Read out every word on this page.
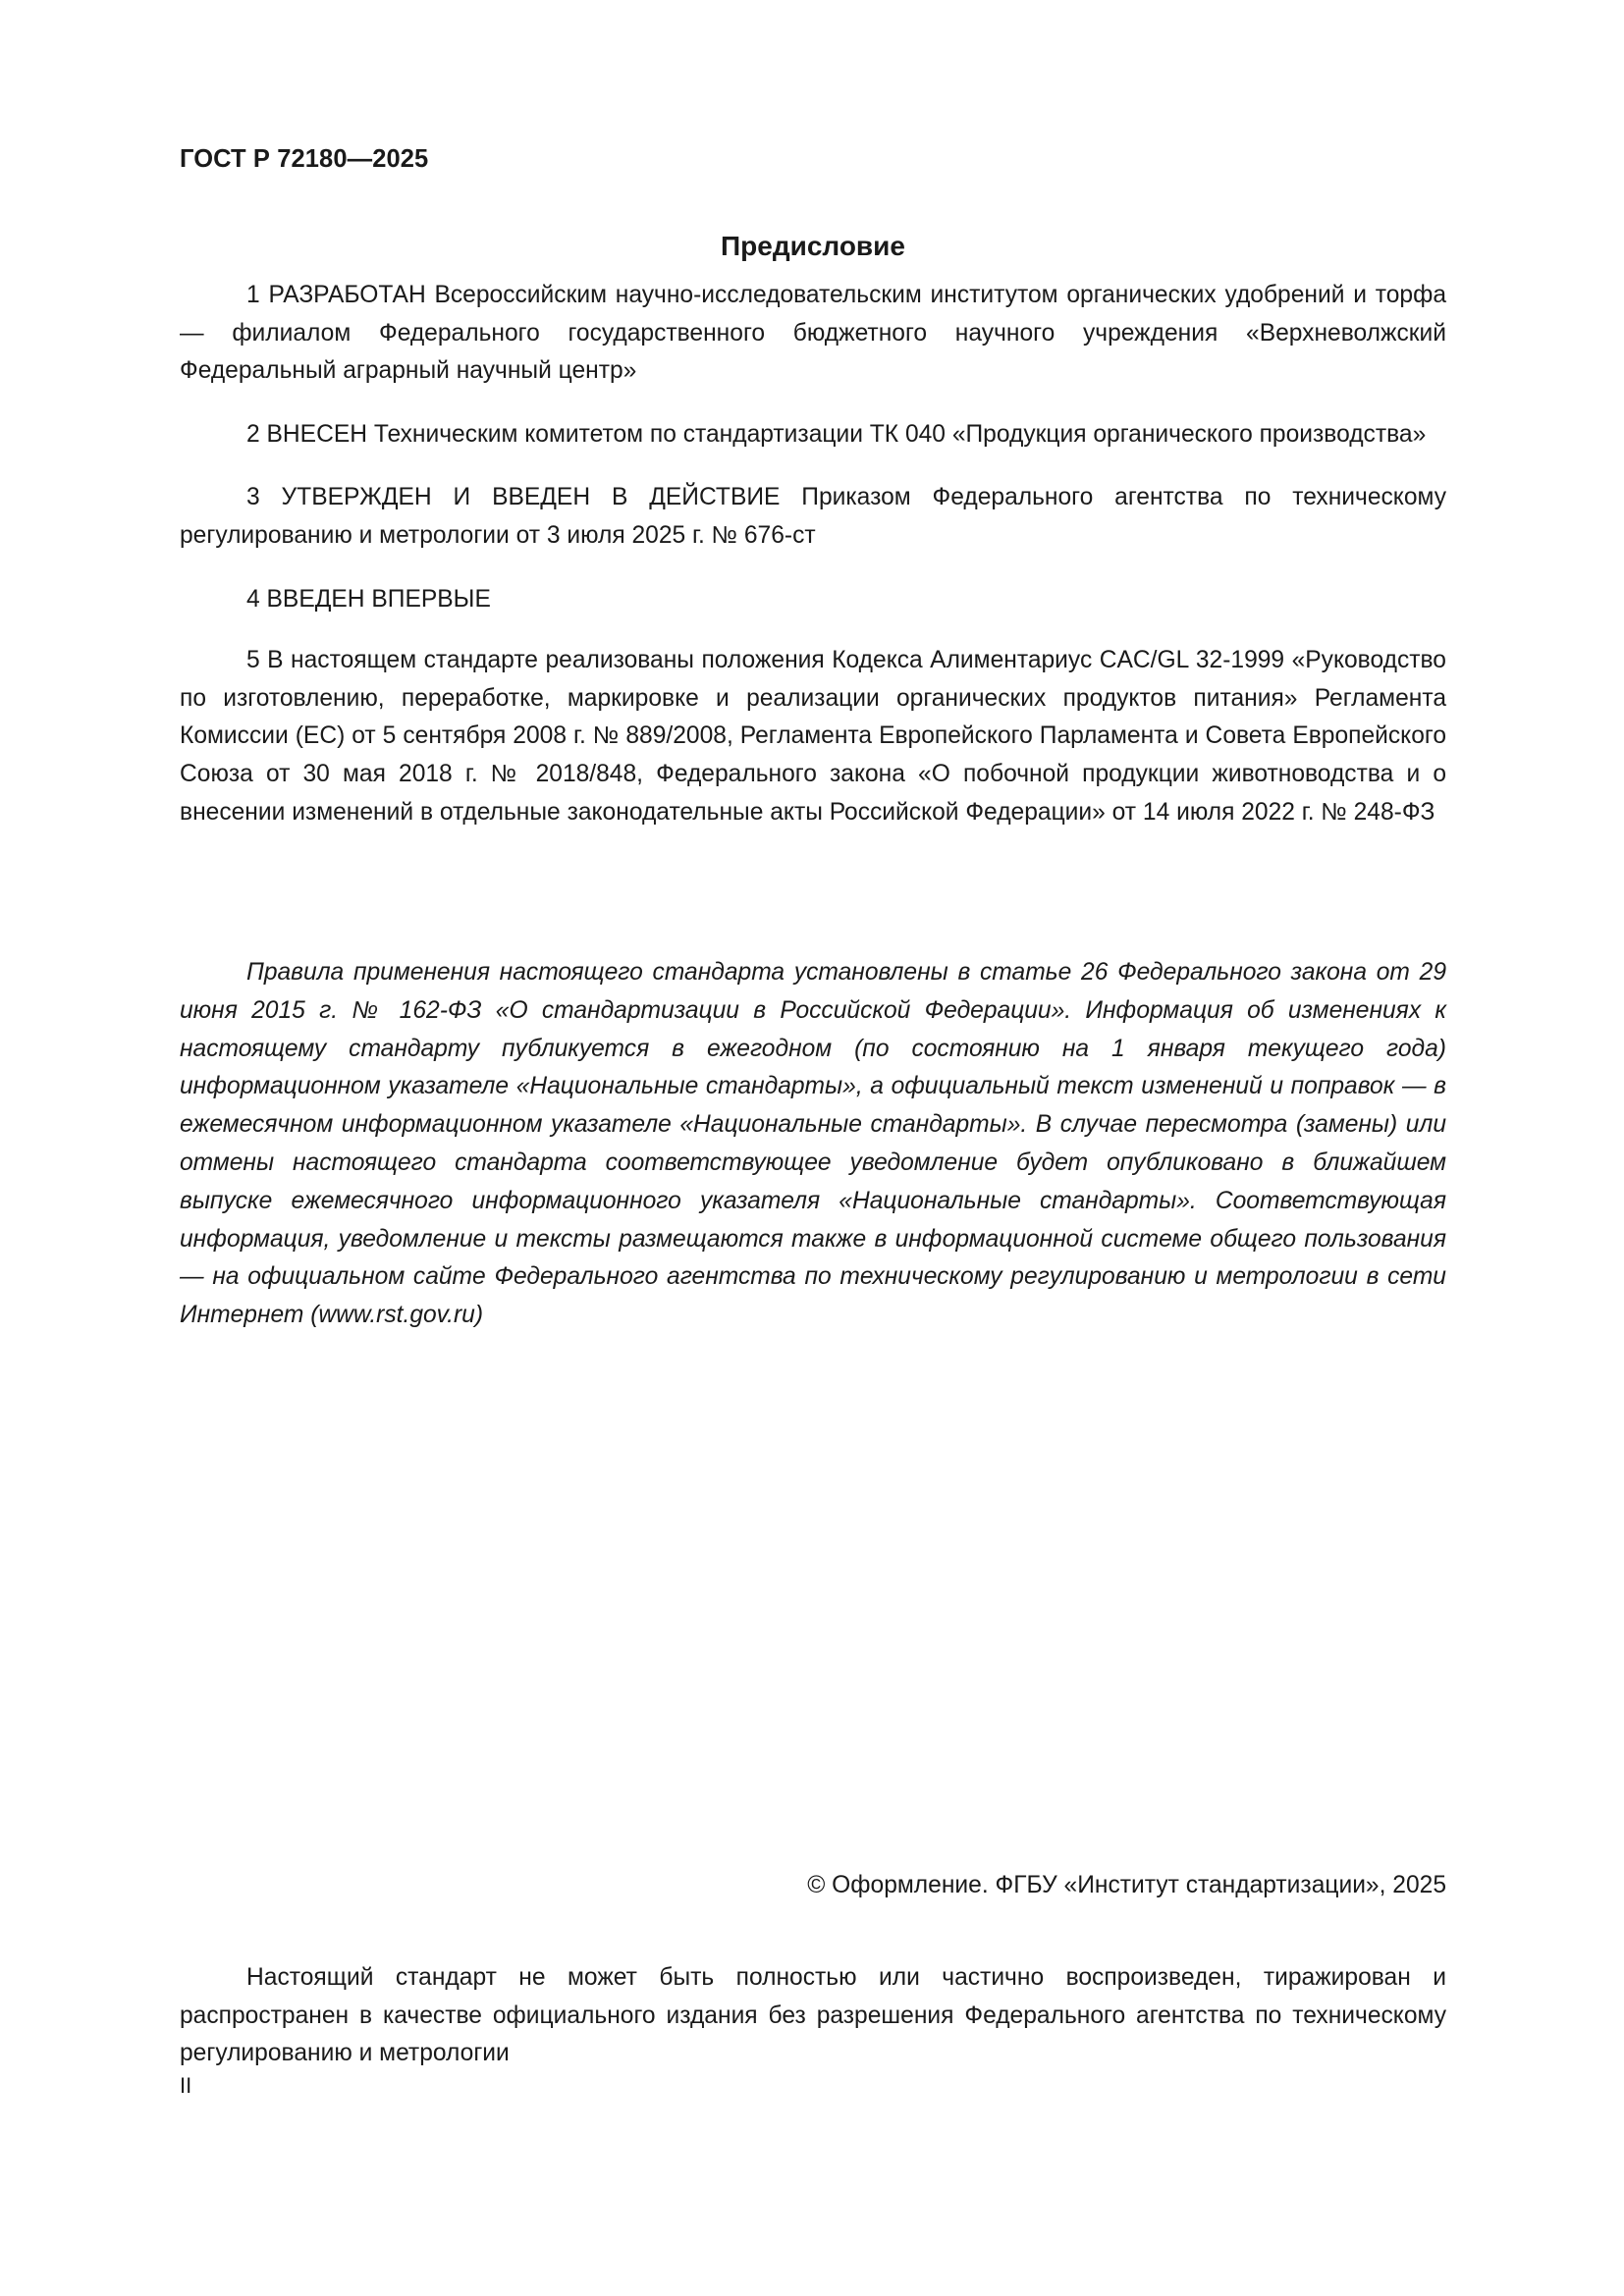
ГОСТ Р 72180—2025
Предисловие

1 РАЗРАБОТАН Всероссийским научно-исследовательским институтом органических удобрений и торфа — филиалом Федерального государственного бюджетного научного учреждения «Верхневолжский Федеральный аграрный научный центр»

2 ВНЕСЕН Техническим комитетом по стандартизации ТК 040 «Продукция органического производства»

3 УТВЕРЖДЕН И ВВЕДЕН В ДЕЙСТВИЕ Приказом Федерального агентства по техническому регулированию и метрологии от 3 июля 2025 г. № 676-ст

4 ВВЕДЕН ВПЕРВЫЕ

5 В настоящем стандарте реализованы положения Кодекса Алиментариус CAC/GL 32-1999 «Руководство по изготовлению, переработке, маркировке и реализации органических продуктов питания» Регламента Комиссии (ЕС) от 5 сентября 2008 г. № 889/2008, Регламента Европейского Парламента и Совета Европейского Союза от 30 мая 2018 г. № 2018/848, Федерального закона «О побочной продукции животноводства и о внесении изменений в отдельные законодательные акты Российской Федерации» от 14 июля 2022 г. № 248-ФЗ

Правила применения настоящего стандарта установлены в статье 26 Федерального закона от 29 июня 2015 г. № 162-ФЗ «О стандартизации в Российской Федерации». Информация об изменениях к настоящему стандарту публикуется в ежегодном (по состоянию на 1 января текущего года) информационном указателе «Национальные стандарты», а официальный текст изменений и поправок — в ежемесячном информационном указателе «Национальные стандарты». В случае пересмотра (замены) или отмены настоящего стандарта соответствующее уведомление будет опубликовано в ближайшем выпуске ежемесячного информационного указателя «Национальные стандарты». Соответствующая информация, уведомление и тексты размещаются также в информационной системе общего пользования — на официальном сайте Федерального агентства по техническому регулированию и метрологии в сети Интернет (www.rst.gov.ru)

© Оформление. ФГБУ «Институт стандартизации», 2025

Настоящий стандарт не может быть полностью или частично воспроизведен, тиражирован и распространен в качестве официального издания без разрешения Федерального агентства по техническому регулированию и метрологии

II
